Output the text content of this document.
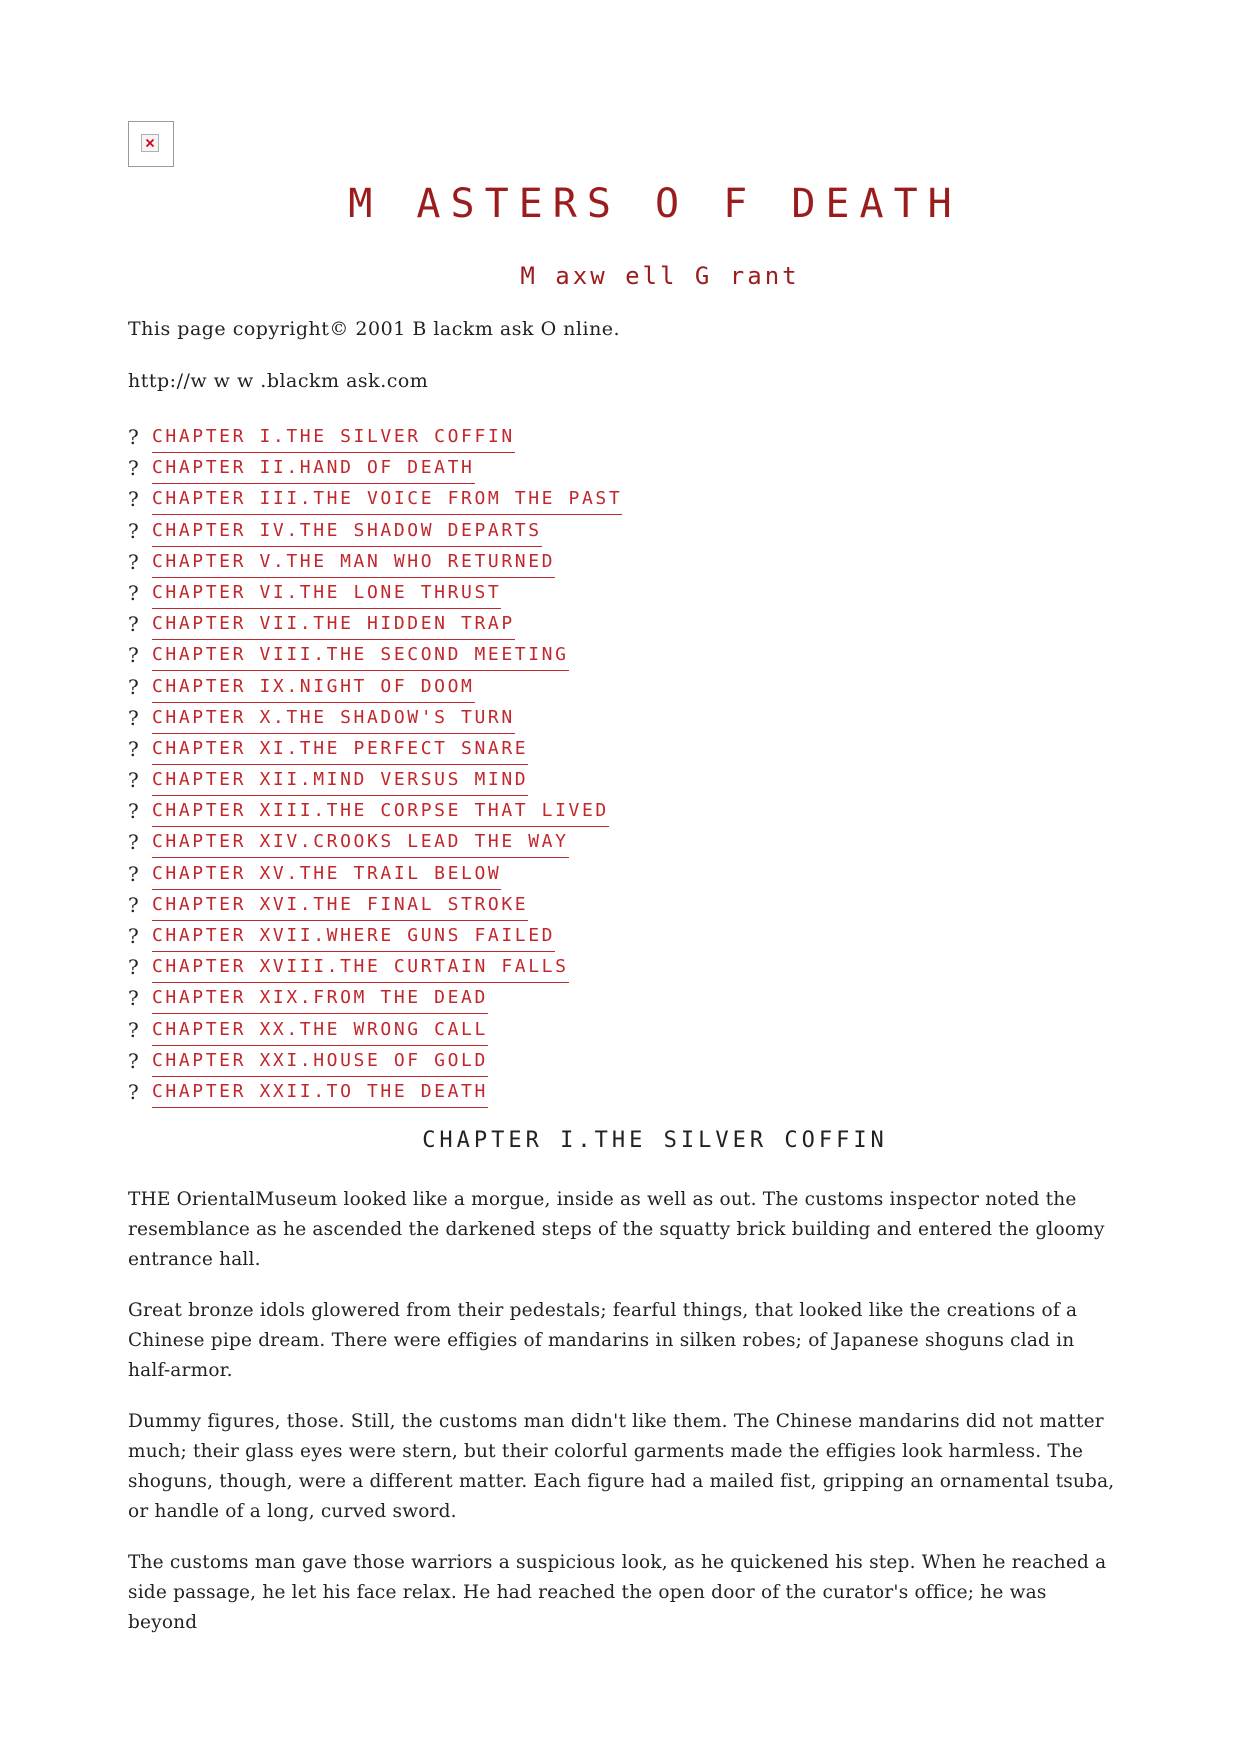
M ASTERS O F DEATH
M axw ell G rant
This page copyright© 2001 B lackm ask O nline.
http://w w w .blackm ask.com
? CHAPTER I.THE SILVER COFFIN
? CHAPTER II.HAND OF DEATH
? CHAPTER III.THE VOICE FROM THE PAST
? CHAPTER IV.THE SHADOW DEPARTS
? CHAPTER V.THE MAN WHO RETURNED
? CHAPTER VI.THE LONE THRUST
? CHAPTER VII.THE HIDDEN TRAP
? CHAPTER VIII.THE SECOND MEETING
? CHAPTER IX.NIGHT OF DOOM
? CHAPTER X.THE SHADOW'S TURN
? CHAPTER XI.THE PERFECT SNARE
? CHAPTER XII.MIND VERSUS MIND
? CHAPTER XIII.THE CORPSE THAT LIVED
? CHAPTER XIV.CROOKS LEAD THE WAY
? CHAPTER XV.THE TRAIL BELOW
? CHAPTER XVI.THE FINAL STROKE
? CHAPTER XVII.WHERE GUNS FAILED
? CHAPTER XVIII.THE CURTAIN FALLS
? CHAPTER XIX.FROM THE DEAD
? CHAPTER XX.THE WRONG CALL
? CHAPTER XXI.HOUSE OF GOLD
? CHAPTER XXII.TO THE DEATH
CHAPTER I.THE SILVER COFFIN

THE OrientalMuseum looked like a morgue, inside as well as out. The customs inspector noted the resemblance as he ascended the darkened steps of the squatty brick building and entered the gloomy entrance hall.

Great bronze idols glowered from their pedestals; fearful things, that looked like the creations of a Chinese pipe dream. There were effigies of mandarins in silken robes; of Japanese shoguns clad in half-armor.

Dummy figures, those. Still, the customs man didn't like them. The Chinese mandarins did not matter much; their glass eyes were stern, but their colorful garments made the effigies look harmless. The shoguns, though, were a different matter. Each figure had a mailed fist, gripping an ornamental tsuba, or handle of a long, curved sword.

The customs man gave those warriors a suspicious look, as he quickened his step. When he reached a side passage, he let his face relax. He had reached the open door of the curator's office; he was beyond
